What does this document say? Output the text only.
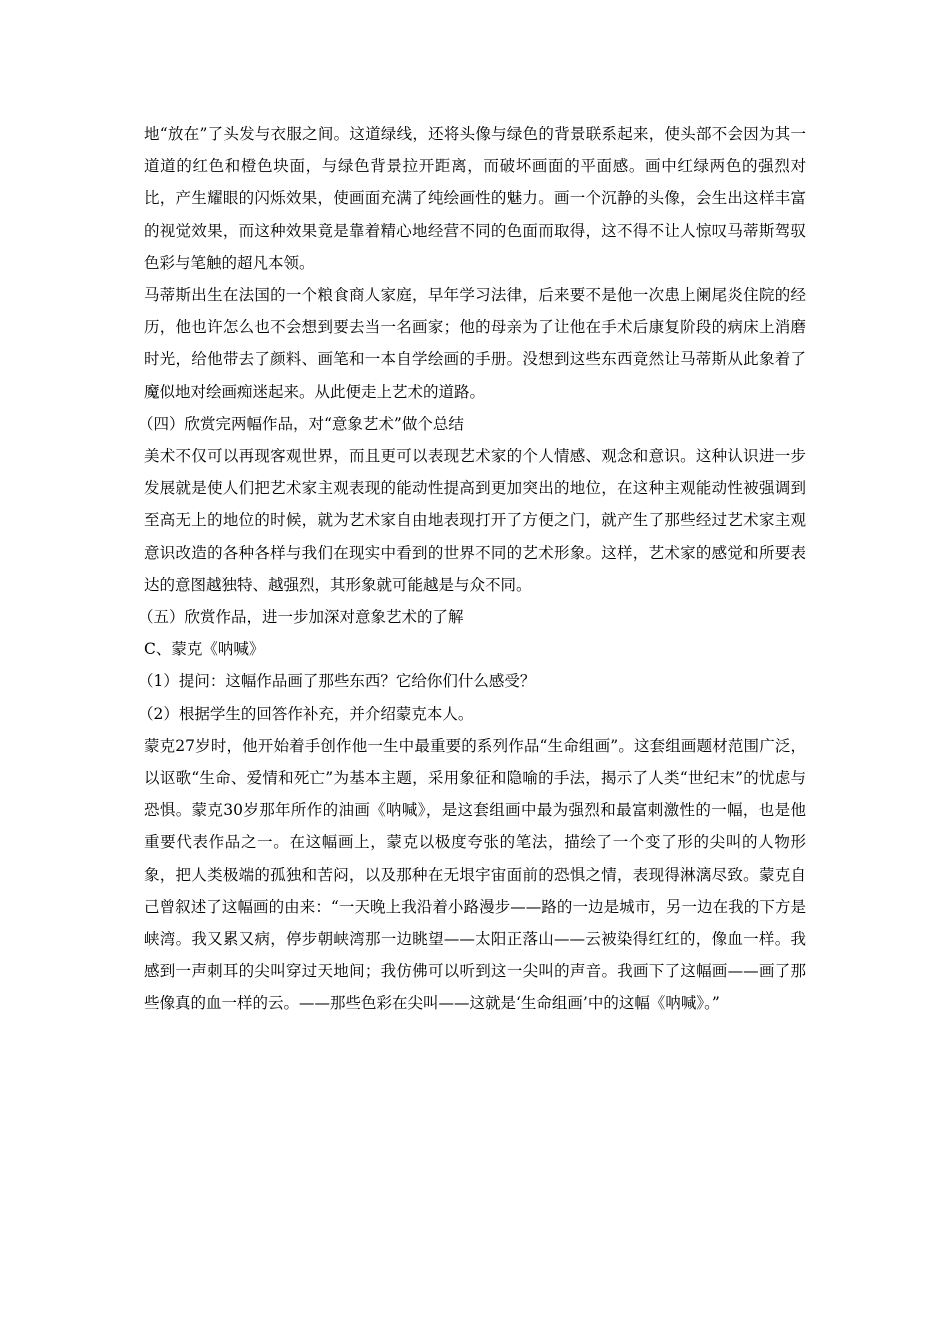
地“放在”了头发与衣服之间。这道绿线，还将头像与绿色的背景联系起来，使头部不会因为其一道道的红色和橙色块面，与绿色背景拉开距离，而破坏画面的平面感。画中红绿两色的强烈对比，产生耀眼的闪烁效果，使画面充满了纯绘画性的魅力。画一个沉静的头像，会生出这样丰富的视觉效果，而这种效果竟是靠着精心地经营不同的色面而取得，这不得不让人惊叹马蒂斯驾驭色彩与笔触的超凡本领。

马蒂斯出生在法国的一个粮食商人家庭，早年学习法律，后来要不是他一次患上阑尾炎住院的经历，他也许怎么也不会想到要去当一名画家；他的母亲为了让他在手术后康复阶段的病床上消磨时光，给他带去了颜料、画笔和一本自学绘画的手册。没想到这些东西竟然让马蒂斯从此象着了魔似地对绘画痴迷起来。从此便走上艺术的道路。

（四）欣赏完两幅作品，对“意象艺术”做个总结

美术不仅可以再现客观世界，而且更可以表现艺术家的个人情感、观念和意识。这种认识进一步发展就是使人们把艺术家主观表现的能动性提高到更加突出的地位，在这种主观能动性被强调到至高无上的地位的时候，就为艺术家自由地表现打开了方便之门，就产生了那些经过艺术家主观意识改造的各种各样与我们在现实中看到的世界不同的艺术形象。这样，艺术家的感觉和所要表达的意图越独特、越强烈，其形象就可能越是与众不同。

（五）欣赏作品，进一步加深对意象艺术的了解

C、蒙克《呐喊》

（1）提问：这幅作品画了那些东西？它给你们什么感受？

（2）根据学生的回答作补充，并介绍蒙克本人。

蒙克27岁时，他开始着手创作他一生中最重要的系列作品“生命组画”。这套组画题材范围广泛，以讴歌“生命、爱情和死亡”为基本主题，采用象征和隐喻的手法，揭示了人类“世纪末”的忧虑与恐惧。蒙克30岁那年所作的油画《呐喊》，是这套组画中最为强烈和最富刺激性的一幅，也是他重要代表作品之一。在这幅画上，蒙克以极度夸张的笔法，描绘了一个变了形的尖叫的人物形象，把人类极端的孤独和苦闷，以及那种在无垠宇宙面前的恐惧之情，表现得淋漓尽致。蒙克自己曾叙述了这幅画的由来：“一天晚上我沿着小路漫步——路的一边是城市，另一边在我的下方是峡湾。我又累又病，停步朝峡湾那一边眺望——太阳正落山——云被染得红红的，像血一样。我感到一声刺耳的尖叫穿过天地间；我仿佛可以听到这一尖叫的声音。我画下了这幅画——画了那些像真的血一样的云。——那些色彩在尖叫——这就是‘生命组画’中的这幅《呐喊》。”
